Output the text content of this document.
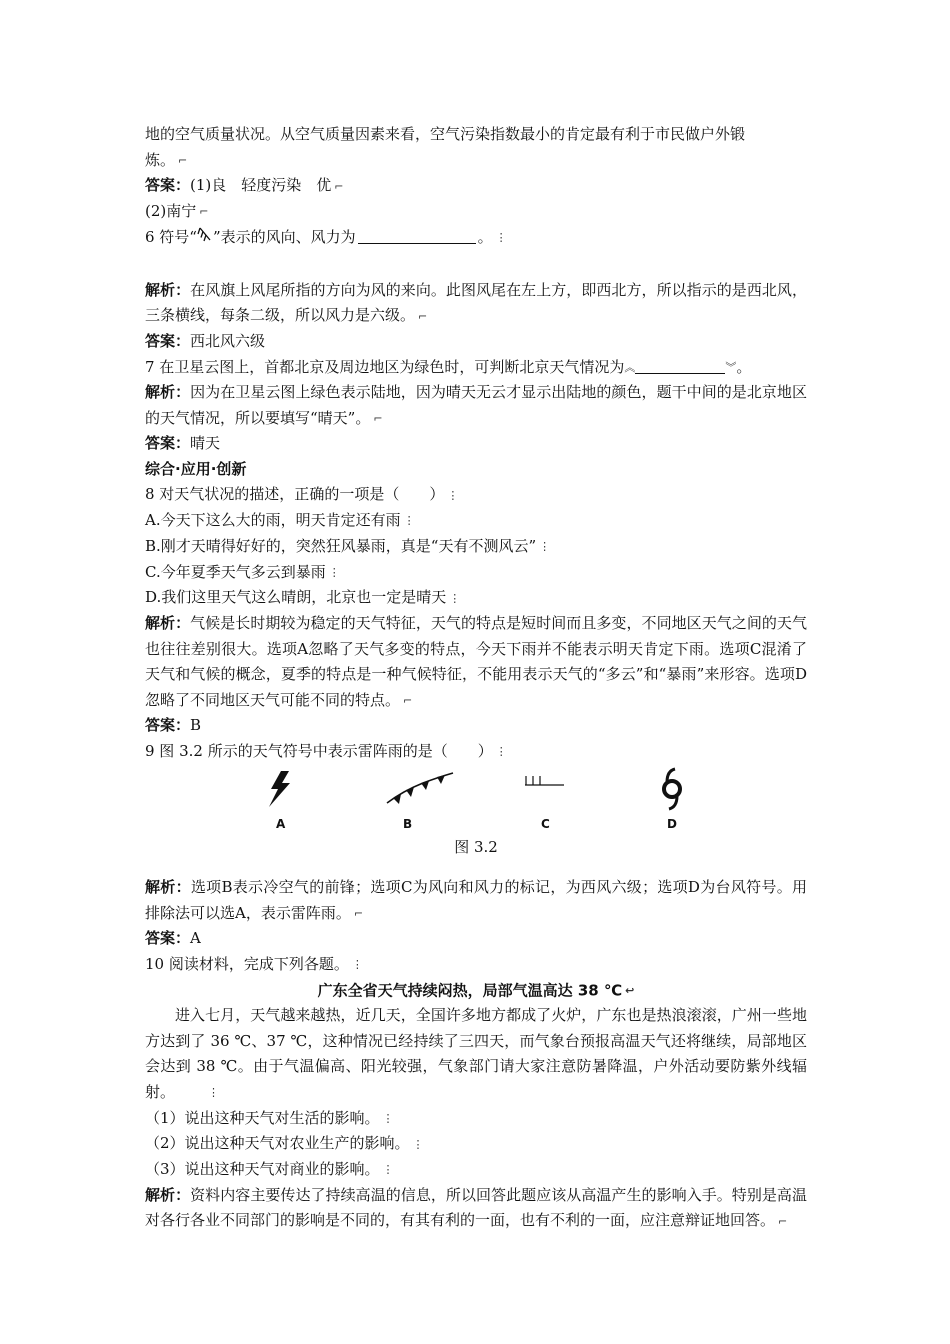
地的空气质量状况。从空气质量因素来看，空气污染指数最小的肯定最有利于市民做户外锻

炼。 ⌐

答案：(1)良　轻度污染　优 ⌐

(2)南宁 ⌐

6 符号“ ”表示的风向、风力为	。 ⋮

解析：在风旗上风尾所指的方向为风的来向。此图风尾在左上方，即西北方，所以指示的是西北风，三条横线，每条二级，所以风力是六级。 ⌐

答案：西北风六级

7 在卫星云图上，首都北京及周边地区为绿色时，可判断北京天气情况为︽	︾。

解析：因为在卫星云图上绿色表示陆地，因为晴天无云才显示出陆地的颜色，题干中间的是北京地区的天气情况，所以要填写“晴天”。 ⌐

答案：晴天

综合·应用·创新

8 对天气状况的描述，正确的一项是（　　） ⋮

A.今天下这么大的雨，明天肯定还有雨 ⋮

B.刚才天晴得好好的，突然狂风暴雨，真是“天有不测风云” ⋮

C.今年夏季天气多云到暴雨 ⋮

D.我们这里天气这么晴朗，北京也一定是晴天 ⋮

解析：气候是长时期较为稳定的天气特征，天气的特点是短时间而且多变，不同地区天气之间的天气也往往差别很大。选项A忽略了天气多变的特点，今天下雨并不能表示明天肯定下雨。选项C混淆了天气和气候的概念，夏季的特点是一种气候特征，不能用表示天气的“多云”和“暴雨”来形容。选项D忽略了不同地区天气可能不同的特点。 ⌐

答案：B

9 图 3.2 所示的天气符号中表示雷阵雨的是（　　） ⋮

A	B	C	D

图 3.2

解析：选项B表示冷空气的前锋；选项C为风向和风力的标记，为西风六级；选项D为台风符号。用排除法可以选A，表示雷阵雨。 ⌐

答案：A

10 阅读材料，完成下列各题。 ⋮

广东全省天气持续闷热，局部气温高达 38 ℃ ↩

进入七月，天气越来越热，近几天，全国许多地方都成了火炉，广东也是热浪滚滚，广州一些地方达到了 36 ℃、37 ℃，这种情况已经持续了三四天，而气象台预报高温天气还将继续，局部地区会达到 38 ℃。由于气温偏高、阳光较强，气象部门请大家注意防暑降温，户外活动要防紫外线辐射。	⋮

（1）说出这种天气对生活的影响。 ⋮

（2）说出这种天气对农业生产的影响。 ⋮

（3）说出这种天气对商业的影响。 ⋮

解析：资料内容主要传达了持续高温的信息，所以回答此题应该从高温产生的影响入手。特别是高温对各行各业不同部门的影响是不同的，有其有利的一面，也有不利的一面，应注意辩证地回答。 ⌐
